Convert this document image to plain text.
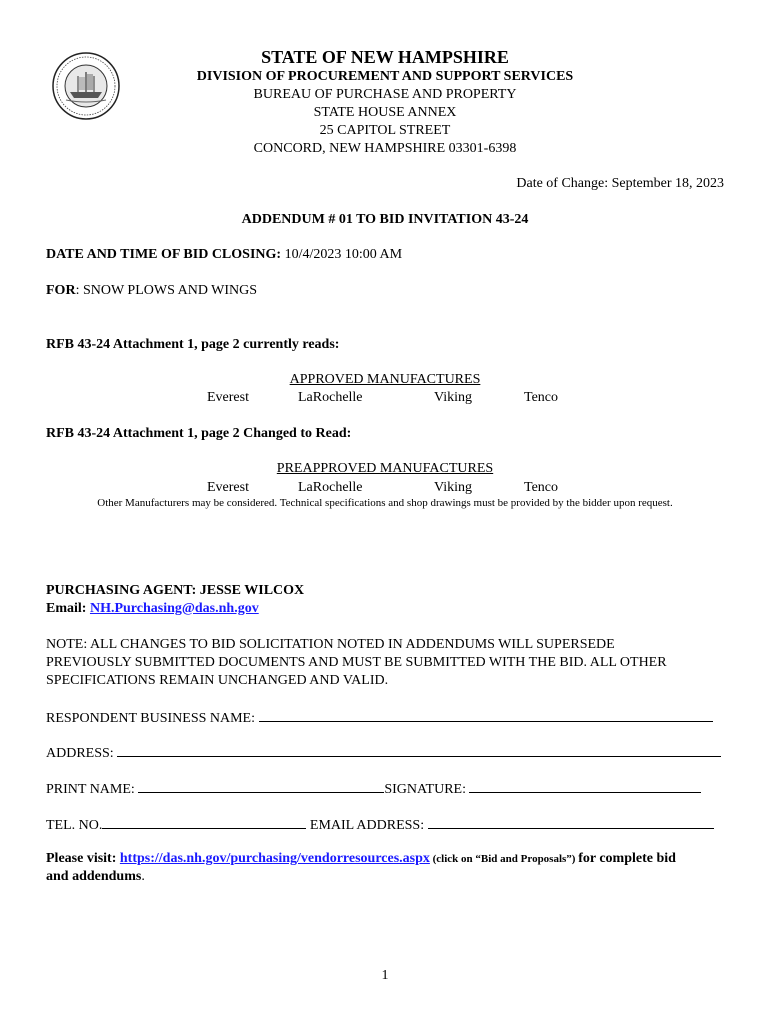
STATE OF NEW HAMPSHIRE
DIVISION OF PROCUREMENT AND SUPPORT SERVICES
BUREAU OF PURCHASE AND PROPERTY
STATE HOUSE ANNEX
25 CAPITOL STREET
CONCORD, NEW HAMPSHIRE 03301-6398
Date of Change: September 18, 2023
ADDENDUM # 01 TO BID INVITATION 43-24
DATE AND TIME OF BID CLOSING: 10/4/2023 10:00 AM
FOR: SNOW PLOWS AND WINGS
RFB 43-24 Attachment 1, page 2 currently reads:
APPROVED MANUFACTURES
Everest	LaRochelle	Viking	Tenco
RFB 43-24 Attachment 1, page 2 Changed to Read:
PREAPPROVED MANUFACTURES
Everest	LaRochelle	Viking	Tenco
Other Manufacturers may be considered. Technical specifications and shop drawings must be provided by the bidder upon request.
PURCHASING AGENT: JESSE WILCOX
Email: NH.Purchasing@das.nh.gov
NOTE: ALL CHANGES TO BID SOLICITATION NOTED IN ADDENDUMS WILL SUPERSEDE
PREVIOUSLY SUBMITTED DOCUMENTS AND MUST BE SUBMITTED WITH THE BID. ALL OTHER
SPECIFICATIONS REMAIN UNCHANGED AND VALID.
RESPONDENT BUSINESS NAME:
ADDRESS:
PRINT NAME:	SIGNATURE:
TEL. NO.	EMAIL ADDRESS:
Please visit: https://das.nh.gov/purchasing/vendorresources.aspx (click on “Bid and Proposals”) for complete bid
and addendums.
1
